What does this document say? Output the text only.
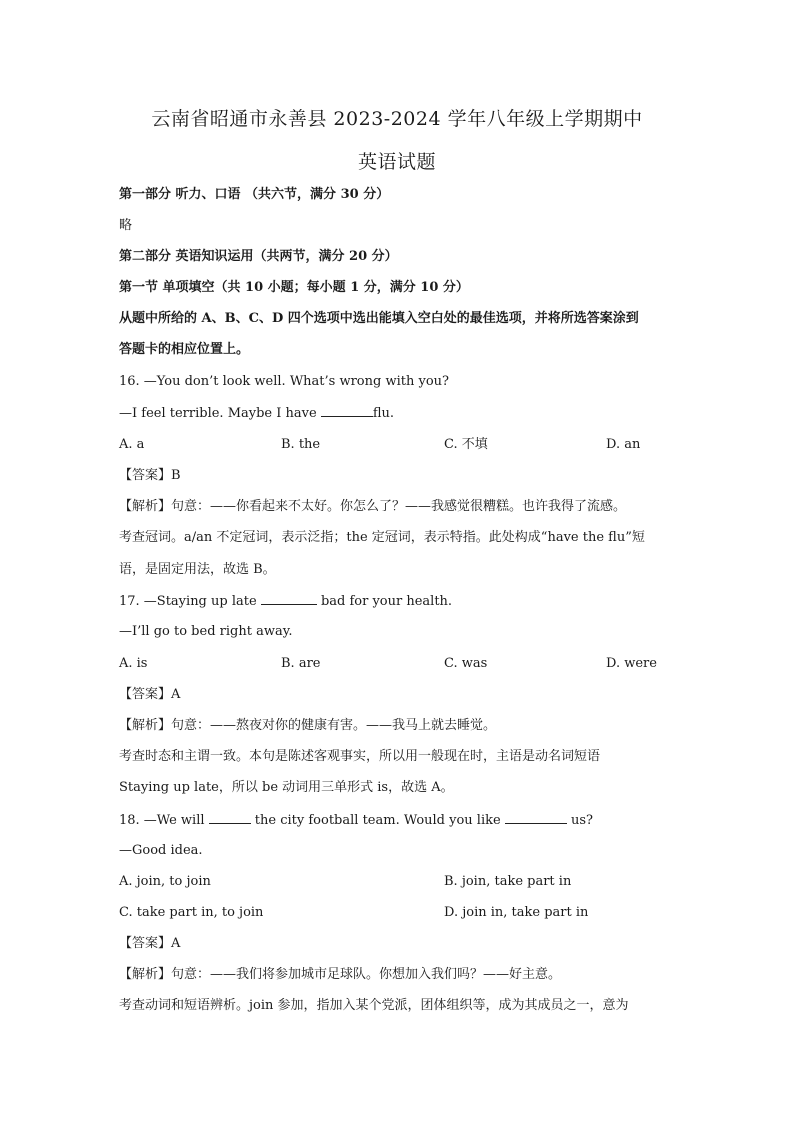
云南省昭通市永善县 2023-2024 学年八年级上学期期中
英语试题
第一部分 听力、口语 （共六节，满分 30 分）
略
第二部分 英语知识运用（共两节，满分 20 分）
第一节 单项填空（共 10 小题；每小题 1 分，满分 10 分）
从题中所给的 A、B、C、D 四个选项中选出能填入空白处的最佳选项，并将所选答案涂到
答题卡的相应位置上。
16. —You don’t look well. What’s wrong with you?
—I feel terrible. Maybe I have	flu.
A. a	B. the	C. 不填	D. an
【答案】B
【解析】句意：——你看起来不太好。你怎么了？——我感觉很糟糕。也许我得了流感。
考查冠词。a/an 不定冠词，表示泛指；the 定冠词，表示特指。此处构成“have the flu”短
语，是固定用法，故选 B。
17. —Staying up late	bad for your health.
—I’ll go to bed right away.
A. is	B. are	C. was	D. were
【答案】A
【解析】句意：——熬夜对你的健康有害。——我马上就去睡觉。
考查时态和主谓一致。本句是陈述客观事实，所以用一般现在时，主语是动名词短语
Staying up late，所以 be 动词用三单形式 is，故选 A。
18. —We will	the city football team. Would you like	us?
—Good idea.
A. join, to join	B. join, take part in
C. take part in, to join	D. join in, take part in
【答案】A
【解析】句意：——我们将参加城市足球队。你想加入我们吗？——好主意。
考查动词和短语辨析。join 参加，指加入某个党派，团体组织等，成为其成员之一，意为
